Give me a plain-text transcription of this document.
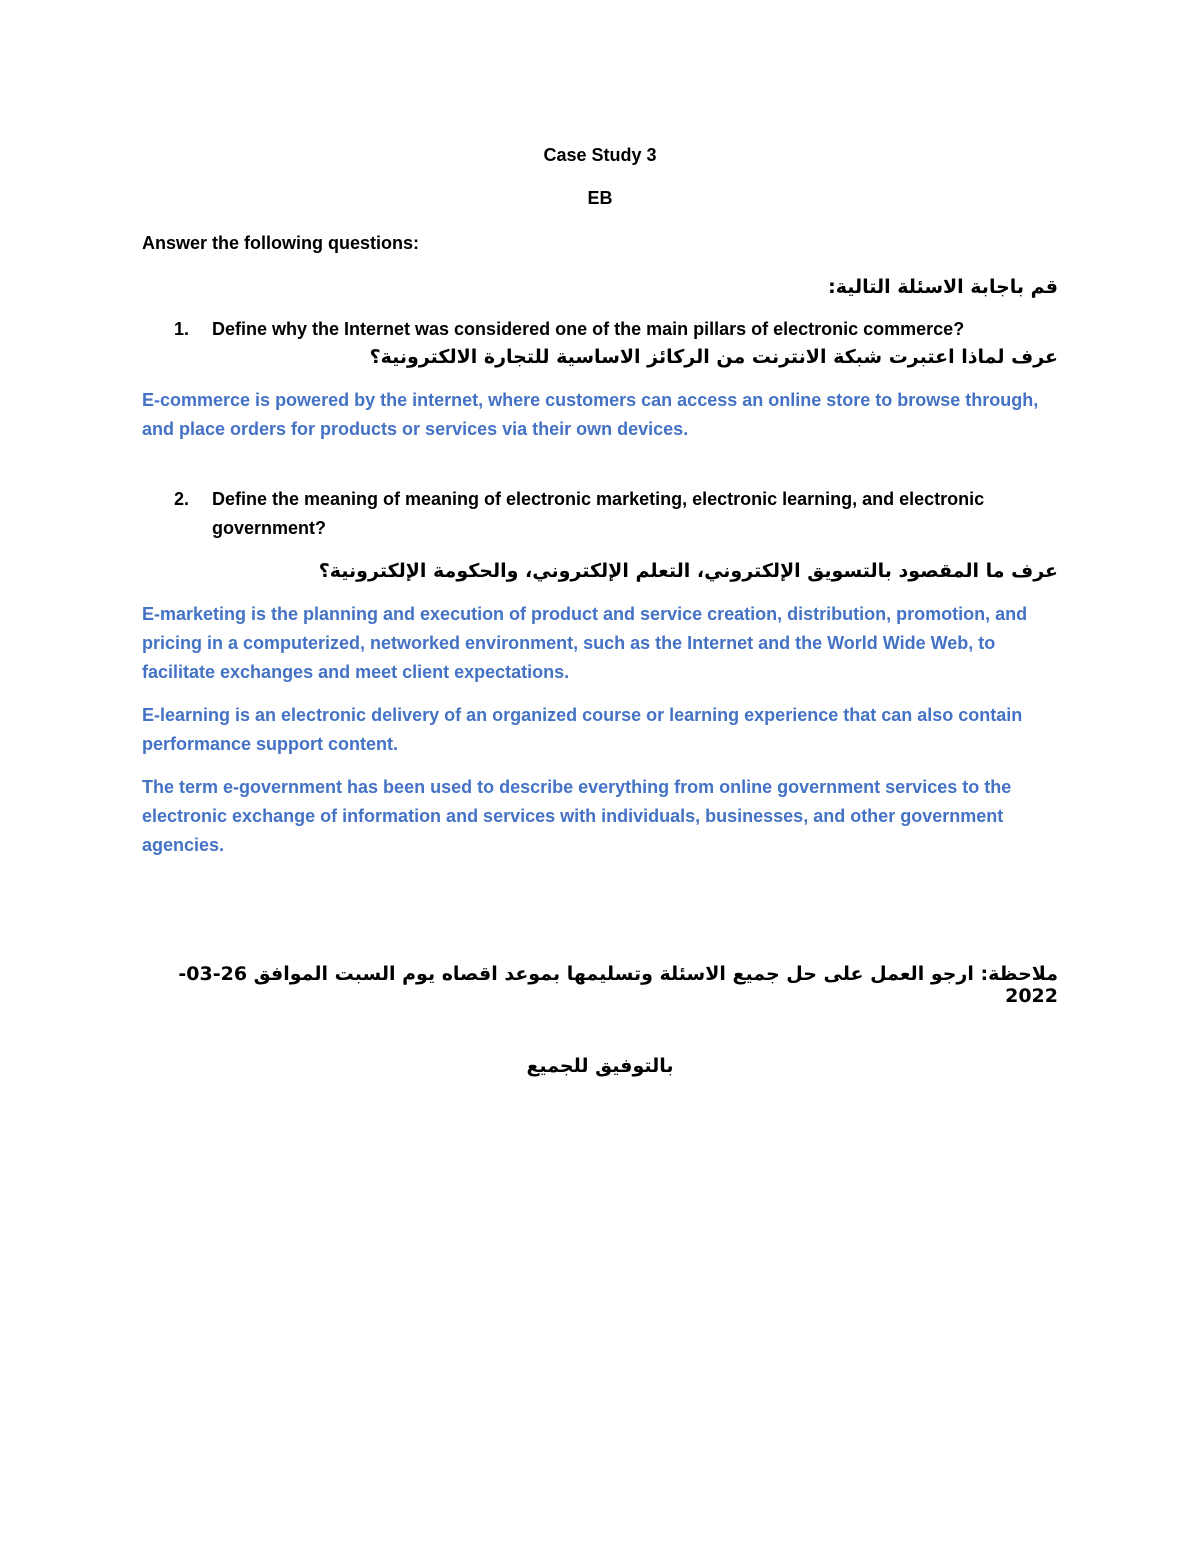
Case Study 3
EB
Answer the following questions:
قم باجابة الاسئلة التالية:
1. Define why the Internet was considered one of the main pillars of electronic commerce?
عرف لماذا اعتبرت شبكة الانترنت من الركائز الاساسية للتجارة الالكترونية؟
E-commerce is powered by the internet, where customers can access an online store to browse through, and place orders for products or services via their own devices.
2. Define the meaning of meaning of electronic marketing, electronic learning, and electronic government?
عرف ما المقصود بالتسويق الإلكتروني، التعلم الإلكتروني، والحكومة الإلكترونية؟
E-marketing is the planning and execution of product and service creation, distribution, promotion, and pricing in a computerized, networked environment, such as the Internet and the World Wide Web, to facilitate exchanges and meet client expectations.
E-learning is an electronic delivery of an organized course or learning experience that can also contain performance support content.
The term e-government has been used to describe everything from online government services to the electronic exchange of information and services with individuals, businesses, and other government agencies.
ملاحظة: ارجو العمل على حل جميع الاسئلة وتسليمها بموعد اقصاه يوم السبت الموافق 26-03-2022
بالتوفيق للجميع
